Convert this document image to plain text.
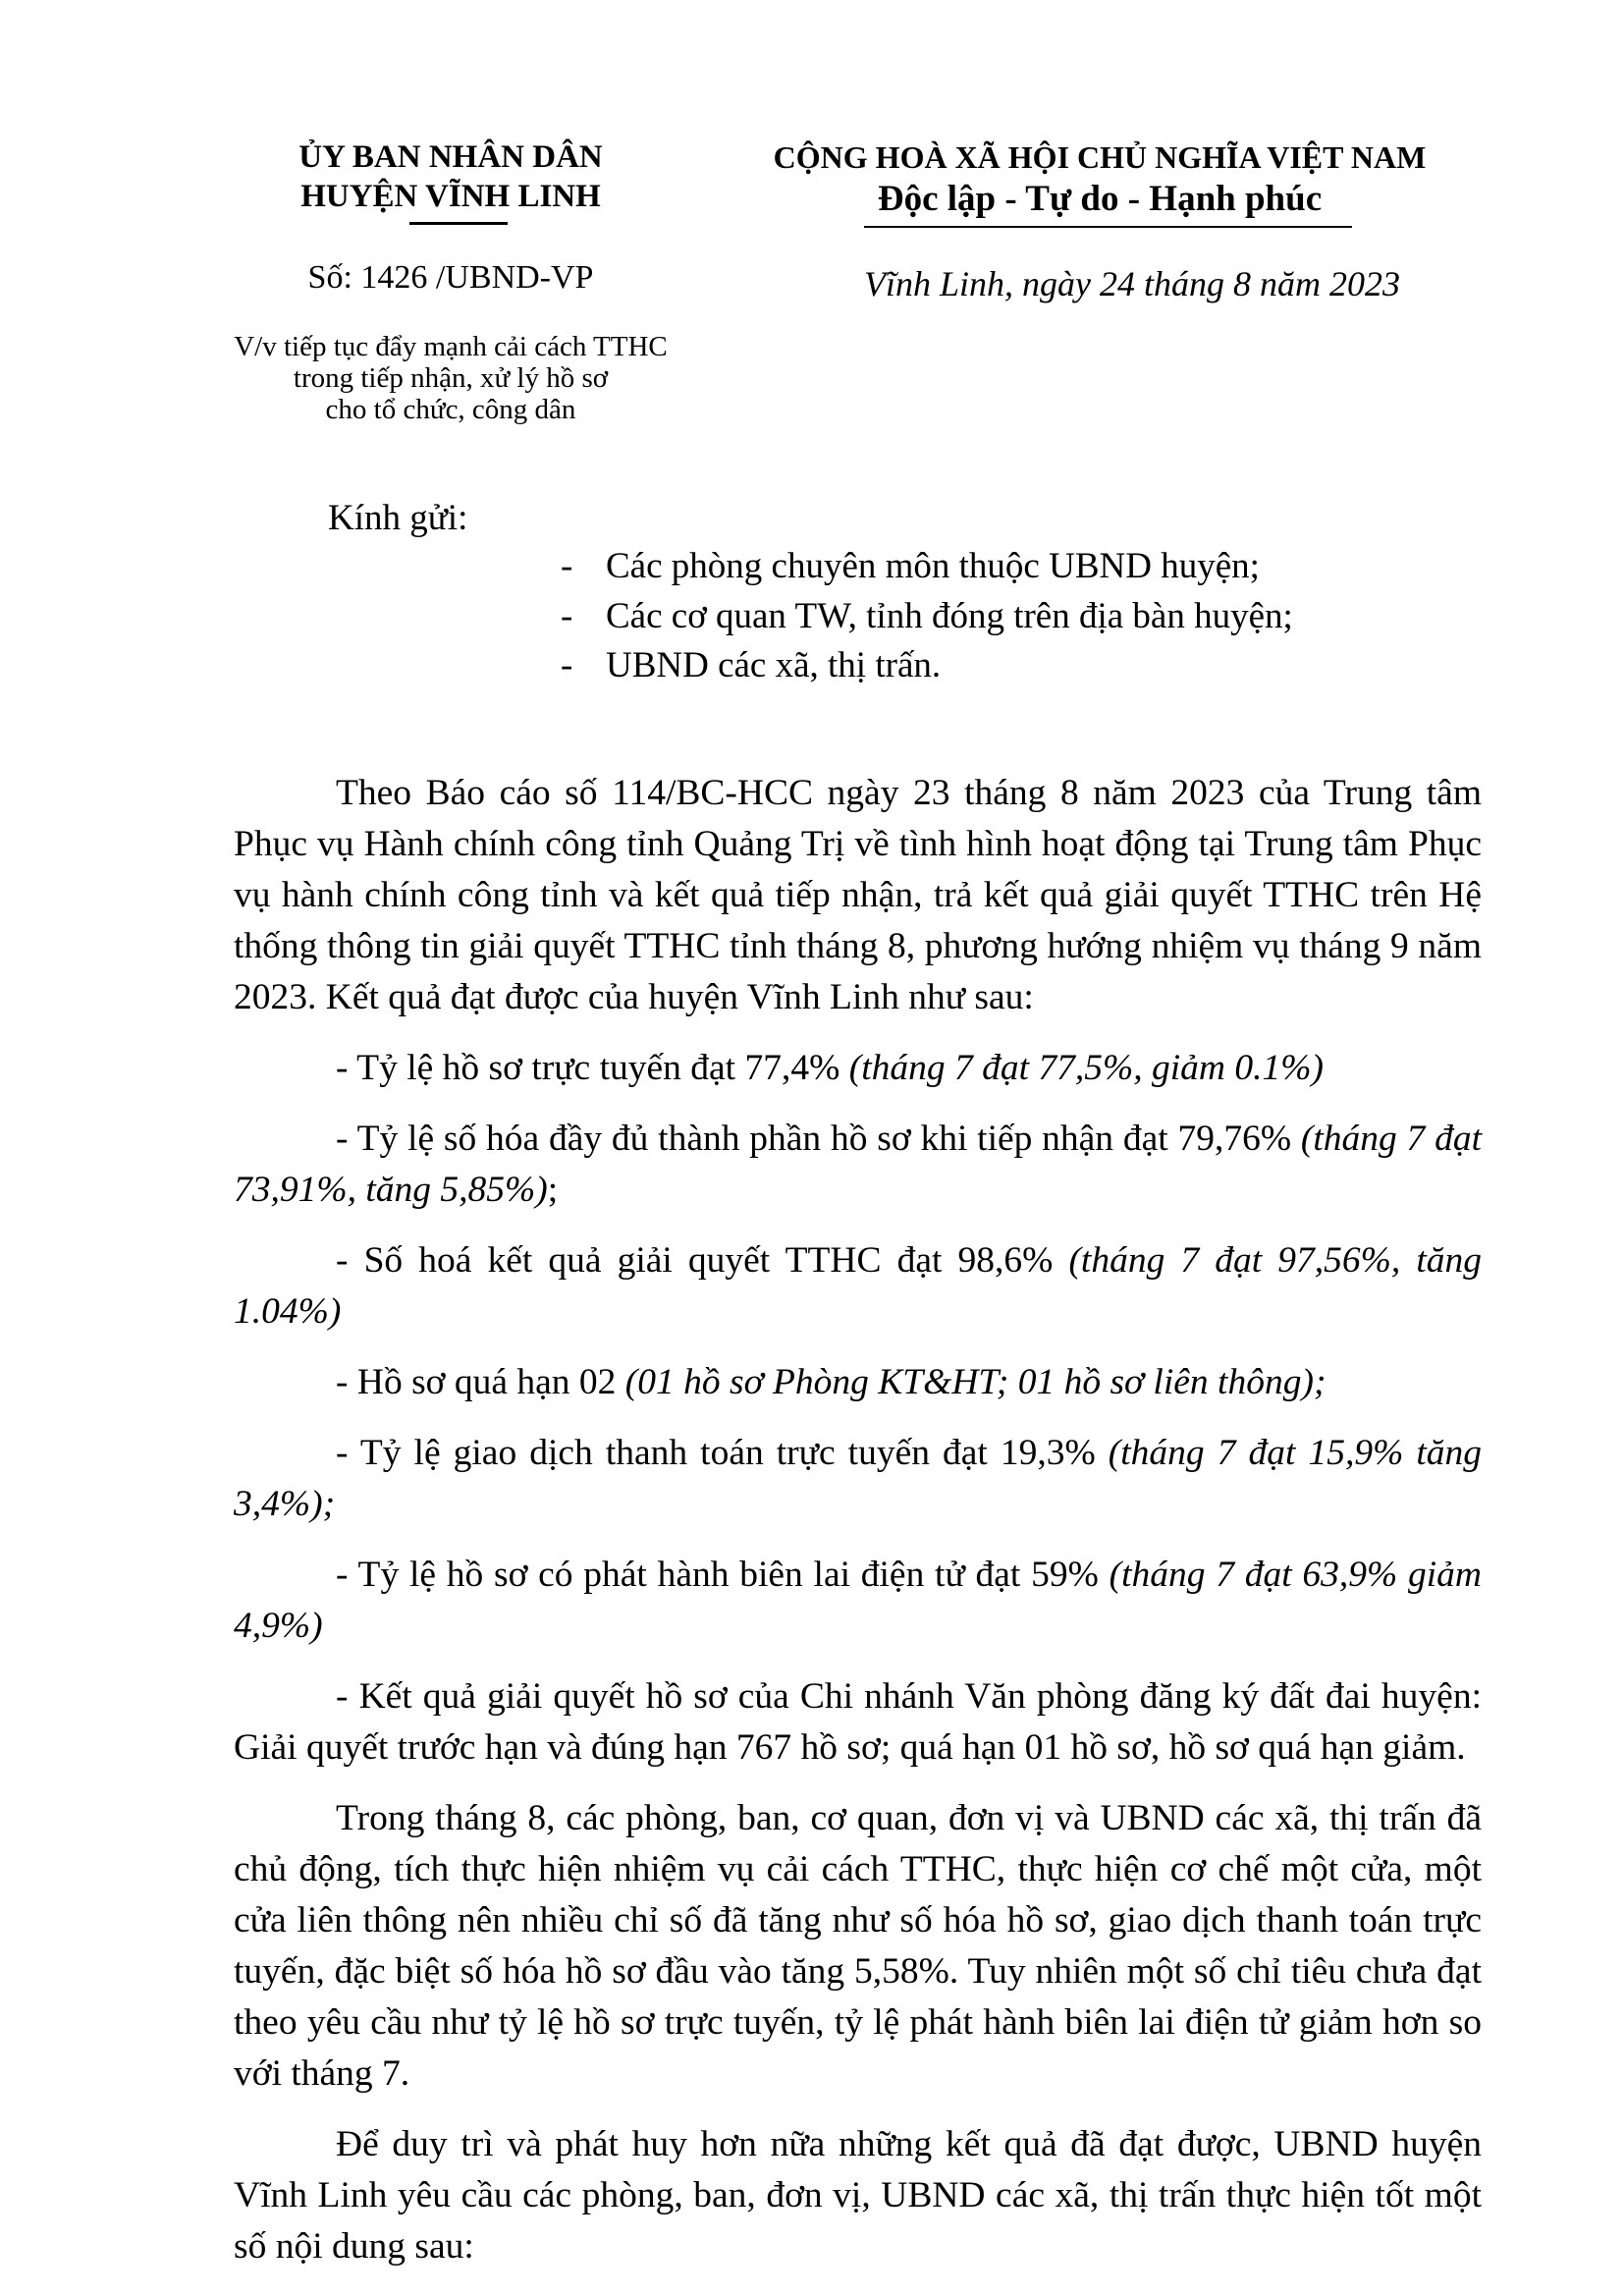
ỦY BAN NHÂN DÂN
HUYỆN VĨNH LINH
CỘNG HOÀ XÃ HỘI CHỦ NGHĨA VIỆT NAM
Độc lập - Tự do - Hạnh phúc
Số: 1426 /UBND-VP	Vĩnh Linh, ngày 24 tháng 8 năm 2023
V/v tiếp tục đẩy mạnh cải cách TTHC
trong tiếp nhận, xử lý hồ sơ
cho tổ chức, công dân
Kính gửi:
- Các phòng chuyên môn thuộc UBND huyện;
- Các cơ quan TW, tỉnh đóng trên địa bàn huyện;
- UBND các xã, thị trấn.

Theo Báo cáo số 114/BC-HCC ngày 23 tháng 8 năm 2023 của Trung tâm Phục vụ Hành chính công tỉnh Quảng Trị về tình hình hoạt động tại Trung tâm Phục vụ hành chính công tỉnh và kết quả tiếp nhận, trả kết quả giải quyết TTHC trên Hệ thống thông tin giải quyết TTHC tỉnh tháng 8, phương hướng nhiệm vụ tháng 9 năm 2023. Kết quả đạt được của huyện Vĩnh Linh như sau:

- Tỷ lệ hồ sơ trực tuyến đạt 77,4% (tháng 7 đạt 77,5%, giảm 0.1%)

- Tỷ lệ số hóa đầy đủ thành phần hồ sơ khi tiếp nhận đạt 79,76% (tháng 7 đạt 73,91%, tăng 5,85%);

- Số hoá kết quả giải quyết TTHC đạt 98,6% (tháng 7 đạt 97,56%, tăng 1.04%)

- Hồ sơ quá hạn 02 (01 hồ sơ Phòng KT&HT; 01 hồ sơ liên thông);

- Tỷ lệ giao dịch thanh toán trực tuyến đạt 19,3% (tháng 7 đạt 15,9% tăng 3,4%);

- Tỷ lệ hồ sơ có phát hành biên lai điện tử đạt 59% (tháng 7 đạt 63,9% giảm 4,9%)

- Kết quả giải quyết hồ sơ của Chi nhánh Văn phòng đăng ký đất đai huyện: Giải quyết trước hạn và đúng hạn 767 hồ sơ; quá hạn 01 hồ sơ, hồ sơ quá hạn giảm.

Trong tháng 8, các phòng, ban, cơ quan, đơn vị và UBND các xã, thị trấn đã chủ động, tích thực hiện nhiệm vụ cải cách TTHC, thực hiện cơ chế một cửa, một cửa liên thông nên nhiều chỉ số đã tăng như số hóa hồ sơ, giao dịch thanh toán trực tuyến, đặc biệt số hóa hồ sơ đầu vào tăng 5,58%. Tuy nhiên một số chỉ tiêu chưa đạt theo yêu cầu như tỷ lệ hồ sơ trực tuyến, tỷ lệ phát hành biên lai điện tử giảm hơn so với tháng 7.

Để duy trì và phát huy hơn nữa những kết quả đã đạt được, UBND huyện Vĩnh Linh yêu cầu các phòng, ban, đơn vị, UBND các xã, thị trấn thực hiện tốt một số nội dung sau:
